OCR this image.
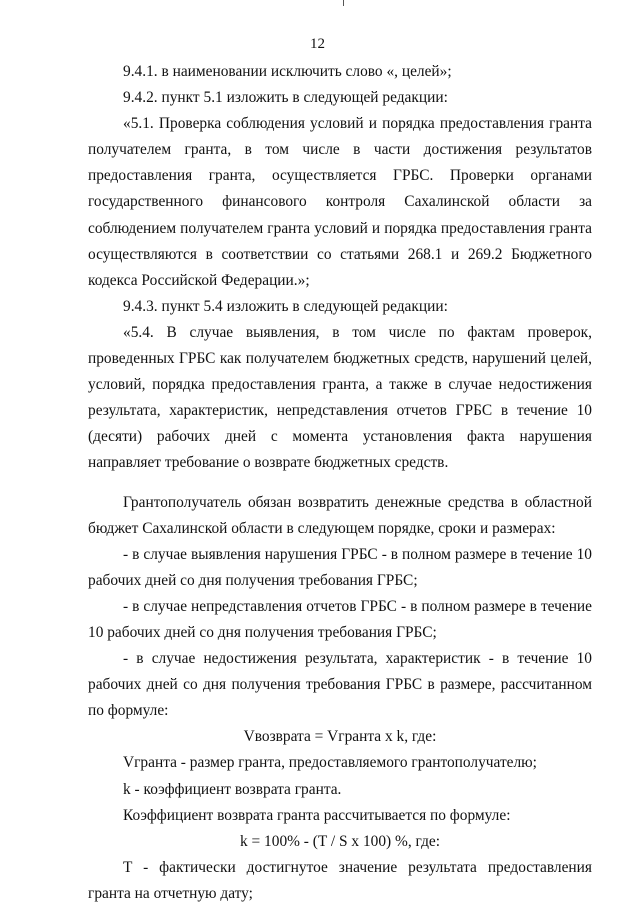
12

9.4.1. в наименовании исключить слово «, целей»;

9.4.2. пункт 5.1 изложить в следующей редакции:

«5.1. Проверка соблюдения условий и порядка предоставления гранта получателем гранта, в том числе в части достижения результатов предоставления гранта, осуществляется ГРБС. Проверки органами государственного финансового контроля Сахалинской области за соблюдением получателем гранта условий и порядка предоставления гранта осуществляются в соответствии со статьями 268.1 и 269.2 Бюджетного кодекса Российской Федерации.»;

9.4.3. пункт 5.4 изложить в следующей редакции:

«5.4. В случае выявления, в том числе по фактам проверок, проведенных ГРБС как получателем бюджетных средств, нарушений целей, условий, порядка предоставления гранта, а также в случае недостижения результата, характеристик, непредставления отчетов ГРБС в течение 10 (десяти) рабочих дней с момента установления факта нарушения направляет требование о возврате бюджетных средств.

Грантополучатель обязан возвратить денежные средства в областной бюджет Сахалинской области в следующем порядке, сроки и размерах:

- в случае выявления нарушения ГРБС - в полном размере в течение 10 рабочих дней со дня получения требования ГРБС;

- в случае непредставления отчетов ГРБС - в полном размере в течение 10 рабочих дней со дня получения требования ГРБС;

- в случае недостижения результата, характеристик - в течение 10 рабочих дней со дня получения требования ГРБС в размере, рассчитанном по формуле:

Vвозврата = Vгранта x k, где:

Vгранта - размер гранта, предоставляемого грантополучателю;

k - коэффициент возврата гранта.

Коэффициент возврата гранта рассчитывается по формуле:

k = 100% - (T / S x 100) %, где:

T - фактически достигнутое значение результата предоставления гранта на отчетную дату;
